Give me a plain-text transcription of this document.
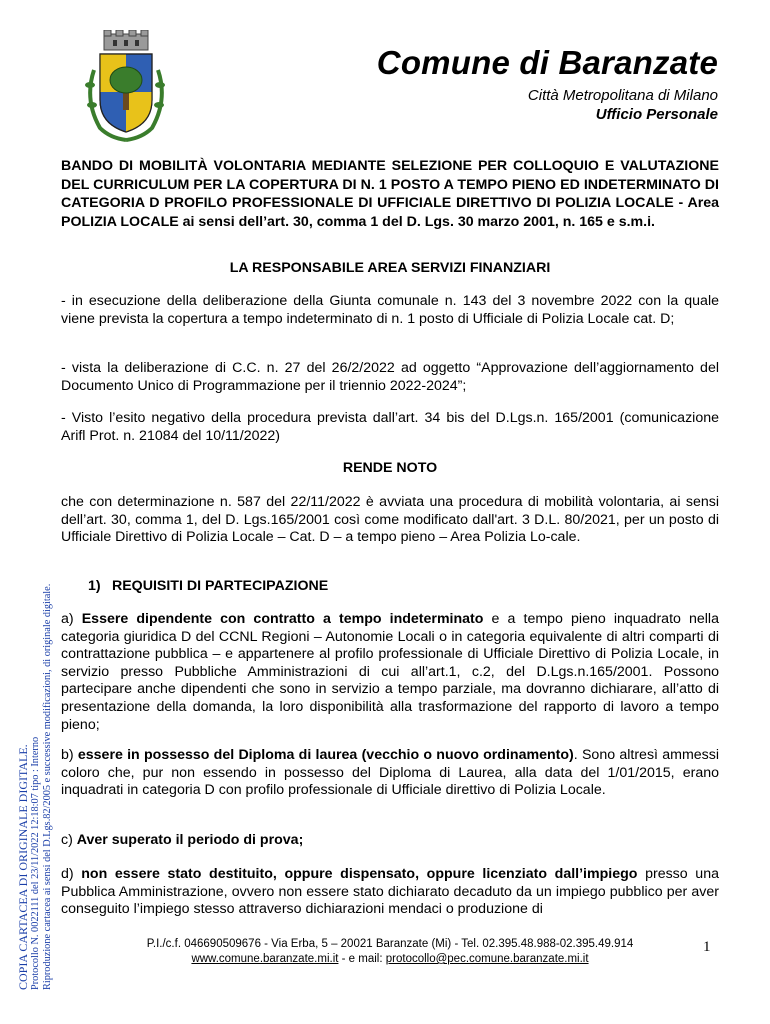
Comune di Baranzate
Città Metropolitana di Milano
Ufficio Personale
BANDO DI MOBILITÀ VOLONTARIA MEDIANTE SELEZIONE PER COLLOQUIO E VALUTAZIONE DEL CURRICULUM PER LA COPERTURA DI N. 1 POSTO A TEMPO PIENO ED INDETERMINATO DI CATEGORIA D PROFILO PROFESSIONALE DI UFFICIALE DIRETTIVO DI POLIZIA LOCALE - Area POLIZIA LOCALE ai sensi dell’art. 30, comma 1 del D. Lgs. 30 marzo 2001, n. 165 e s.m.i.
LA RESPONSABILE AREA SERVIZI FINANZIARI
- in esecuzione della deliberazione della Giunta comunale n. 143 del 3 novembre 2022 con la quale viene prevista la copertura a tempo indeterminato di n. 1 posto di Ufficiale di Polizia Locale cat. D;
- vista la deliberazione di C.C. n. 27 del 26/2/2022 ad oggetto “Approvazione dell’aggiornamento del Documento Unico di Programmazione per il triennio 2022-2024”;
- Visto l’esito negativo della procedura prevista dall’art. 34 bis del D.Lgs.n. 165/2001 (comunicazione Arifl Prot. n. 21084 del 10/11/2022)
RENDE NOTO
che con determinazione n. 587 del 22/11/2022 è avviata una procedura di mobilità volontaria, ai sensi dell’art. 30, comma 1, del D. Lgs.165/2001 così come modificato dall'art. 3 D.L. 80/2021, per un posto di Ufficiale Direttivo di Polizia Locale – Cat. D – a tempo pieno – Area Polizia Lo-cale.
1) REQUISITI DI PARTECIPAZIONE
a) Essere dipendente con contratto a tempo indeterminato e a tempo pieno inquadrato nella categoria giuridica D del CCNL Regioni – Autonomie Locali o in categoria equivalente di altri comparti di contrattazione pubblica – e appartenere al profilo professionale di Ufficiale Direttivo di Polizia Locale, in servizio presso Pubbliche Amministrazioni di cui all’art.1, c.2, del D.Lgs.n.165/2001. Possono partecipare anche dipendenti che sono in servizio a tempo parziale, ma dovranno dichiarare, all’atto di presentazione della domanda, la loro disponibilità alla trasformazione del rapporto di lavoro a tempo pieno;
b) essere in possesso del Diploma di laurea (vecchio o nuovo ordinamento). Sono altresì ammessi coloro che, pur non essendo in possesso del Diploma di Laurea, alla data del 1/01/2015, erano inquadrati in categoria D con profilo professionale di Ufficiale direttivo di Polizia Locale.
c) Aver superato il periodo di prova;
d) non essere stato destituito, oppure dispensato, oppure licenziato dall’impiego presso una Pubblica Amministrazione, ovvero non essere stato dichiarato decaduto da un impiego pubblico per aver conseguito l’impiego stesso attraverso dichiarazioni mendaci o produzione di
P.I./c.f. 046690509676 - Via Erba, 5 – 20021 Baranzate (Mi) - Tel. 02.395.48.988-02.395.49.914
www.comune.baranzate.mi.it - e mail: protocollo@pec.comune.baranzate.mi.it
1
COPIA CARTACEA DI ORIGINALE DIGITALE. Protocollo N. 0022111 del 23/11/2022 12:18:07 tipo : Interno Riproduzione cartacea ai sensi del D.Lgs.82/2005 e successive modificazioni, di originale digitale.
